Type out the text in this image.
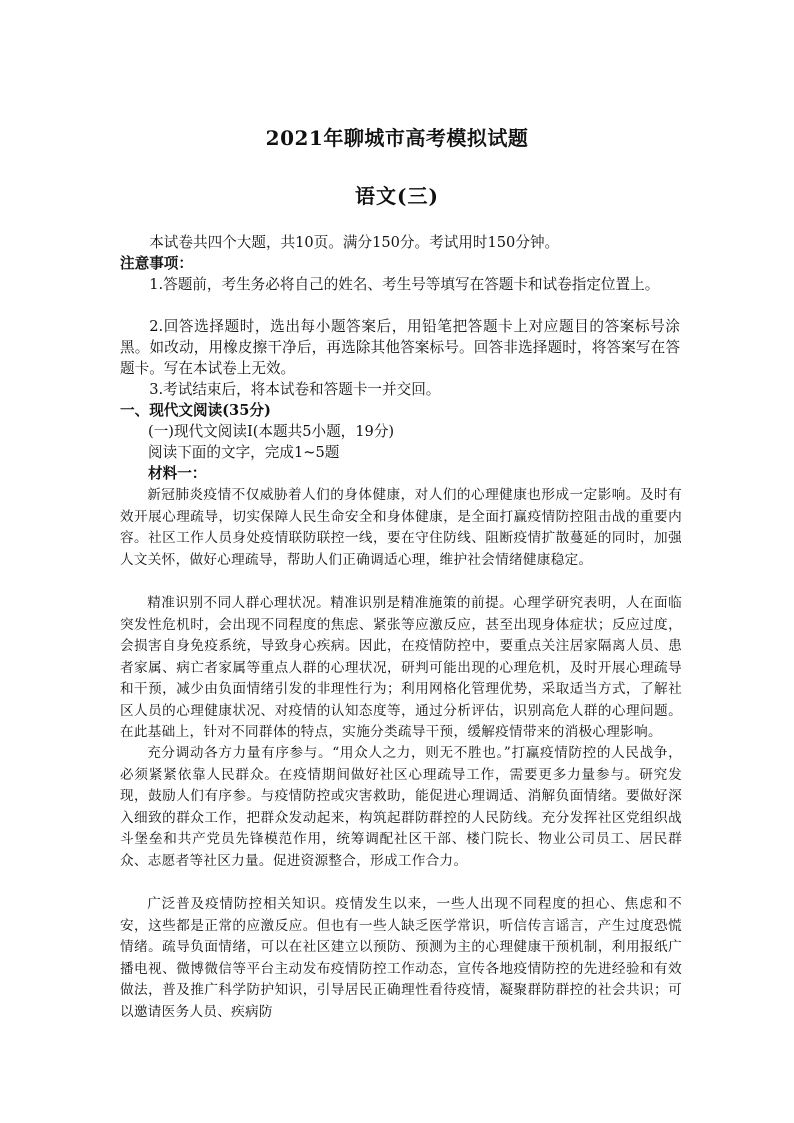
2021年聊城市高考模拟试题
语文(三)
本试卷共四个大题，共10页。满分150分。考试用时150分钟。
注意事项：
1.答题前，考生务必将自己的姓名、考生号等填写在答题卡和试卷指定位置上。
2.回答选择题时，选出每小题答案后，用铅笔把答题卡上对应题目的答案标号涂黑。如改动，用橡皮擦干净后，再选除其他答案标号。回答非选择题时，将答案写在答题卡。写在本试卷上无效。
3.考试结束后，将本试卷和答题卡一并交回。
一、现代文阅读(35分)
(一)现代文阅读Ⅰ(本题共5小题，19分)
阅读下面的文字，完成1~5题
材料一：
新冠肺炎疫情不仅威胁着人们的身体健康，对人们的心理健康也形成一定影响。及时有效开展心理疏导，切实保障人民生命安全和身体健康，是全面打赢疫情防控阻击战的重要内容。社区工作人员身处疫情联防联控一线，要在守住防线、阻断疫情扩散蔓延的同时，加强人文关怀，做好心理疏导，帮助人们正确调适心理，维护社会情绪健康稳定。
精准识别不同人群心理状况。精准识别是精准施策的前提。心理学研究表明，人在面临突发性危机时，会出现不同程度的焦虑、紧张等应激反应，甚至出现身体症状；反应过度，会损害自身免疫系统，导致身心疾病。因此，在疫情防控中，要重点关注居家隔离人员、患者家属、病亡者家属等重点人群的心理状况，研判可能出现的心理危机，及时开展心理疏导和干预，减少由负面情绪引发的非理性行为；利用网格化管理优势，采取适当方式，了解社区人员的心理健康状况、对疫情的认知态度等，通过分析评估，识别高危人群的心理问题。在此基础上，针对不同群体的特点，实施分类疏导干预，缓解疫情带来的消极心理影响。
充分调动各方力量有序参与。“用众人之力，则无不胜也。”打赢疫情防控的人民战争，必须紧紧依靠人民群众。在疫情期间做好社区心理疏导工作，需要更多力量参与。研究发现，鼓励人们有序参。与疫情防控或灾害救助，能促进心理调适、消解负面情绪。要做好深入细致的群众工作，把群众发动起来，构筑起群防群控的人民防线。充分发挥社区党组织战斗堡垒和共产党员先锋模范作用，统筹调配社区干部、楼门院长、物业公司员工、居民群众、志愿者等社区力量。促进资源整合，形成工作合力。
广泛普及疫情防控相关知识。疫情发生以来，一些人出现不同程度的担心、焦虑和不安，这些都是正常的应激反应。但也有一些人缺乏医学常识，听信传言谣言，产生过度恐慌情绪。疏导负面情绪，可以在社区建立以预防、预测为主的心理健康干预机制，利用报纸广播电视、微博微信等平台主动发布疫情防控工作动态，宣传各地疫情防控的先进经验和有效做法，普及推广科学防护知识，引导居民正确理性看待疫情，凝聚群防群控的社会共识；可以邀请医务人员、疾病防
